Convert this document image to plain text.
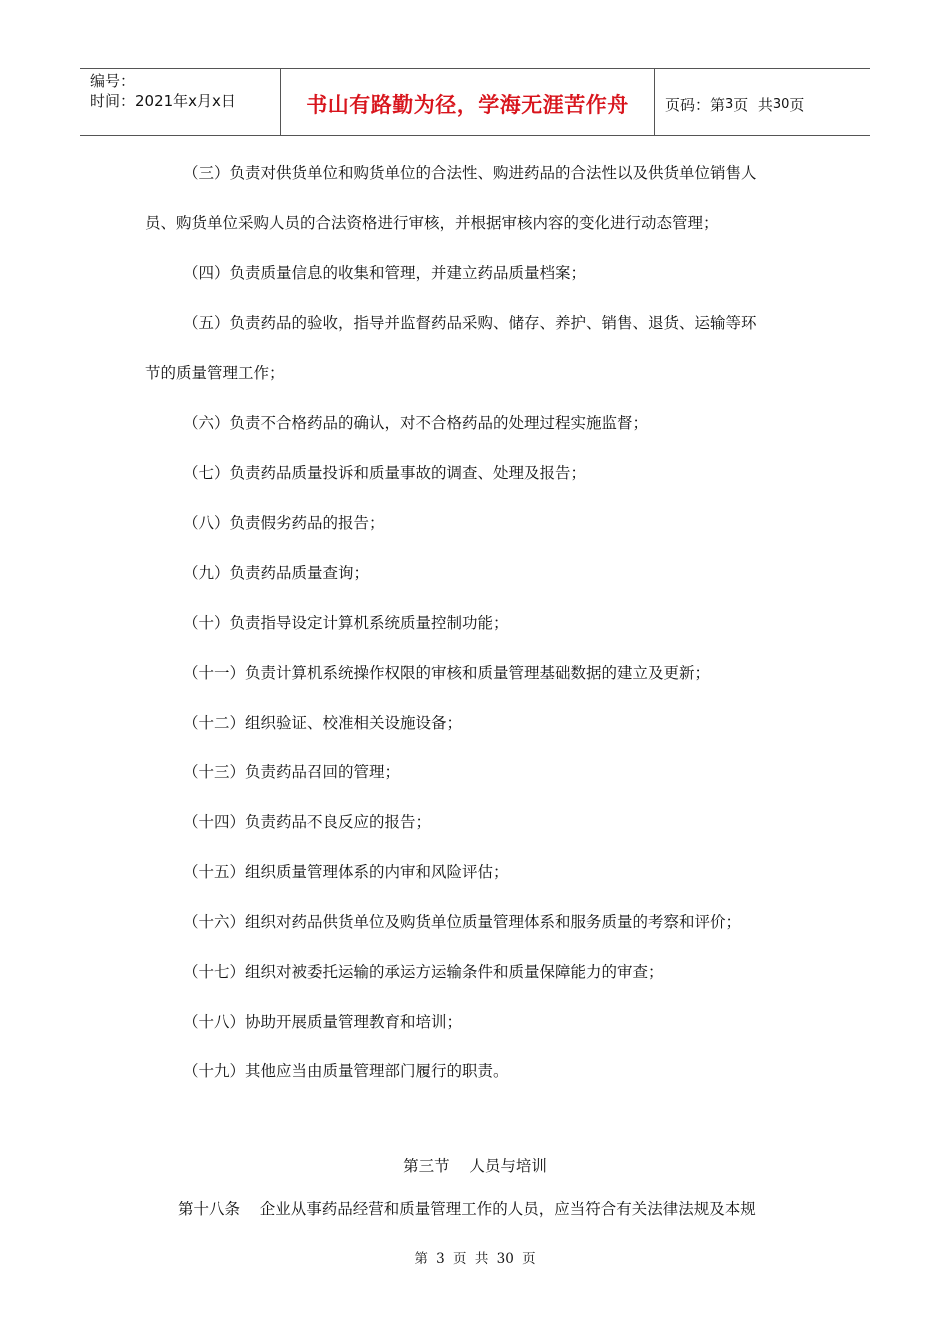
编号：
时间：2021年x月x日	书山有路勤为径，学海无涯苦作舟 页码：第 3 页  共 30 页
（三）负责对供货单位和购货单位的合法性、购进药品的合法性以及供货单位销售人
员、购货单位采购人员的合法资格进行审核，并根据审核内容的变化进行动态管理；
（四）负责质量信息的收集和管理，并建立药品质量档案；
（五）负责药品的验收，指导并监督药品采购、储存、养护、销售、退货、运输等环
节的质量管理工作；
（六）负责不合格药品的确认，对不合格药品的处理过程实施监督；
（七）负责药品质量投诉和质量事故的调查、处理及报告；
（八）负责假劣药品的报告；
（九）负责药品质量查询；
（十）负责指导设定计算机系统质量控制功能；
（十一）负责计算机系统操作权限的审核和质量管理基础数据的建立及更新；
（十二）组织验证、校准相关设施设备；
（十三）负责药品召回的管理；
（十四）负责药品不良反应的报告；
（十五）组织质量管理体系的内审和风险评估；
（十六）组织对药品供货单位及购货单位质量管理体系和服务质量的考察和评价；
（十七）组织对被委托运输的承运方运输条件和质量保障能力的审查；
（十八）协助开展质量管理教育和培训；
（十九）其他应当由质量管理部门履行的职责。
第三节    人员与培训
第十八条    企业从事药品经营和质量管理工作的人员，应当符合有关法律法规及本规
第 3 页 共 30 页
